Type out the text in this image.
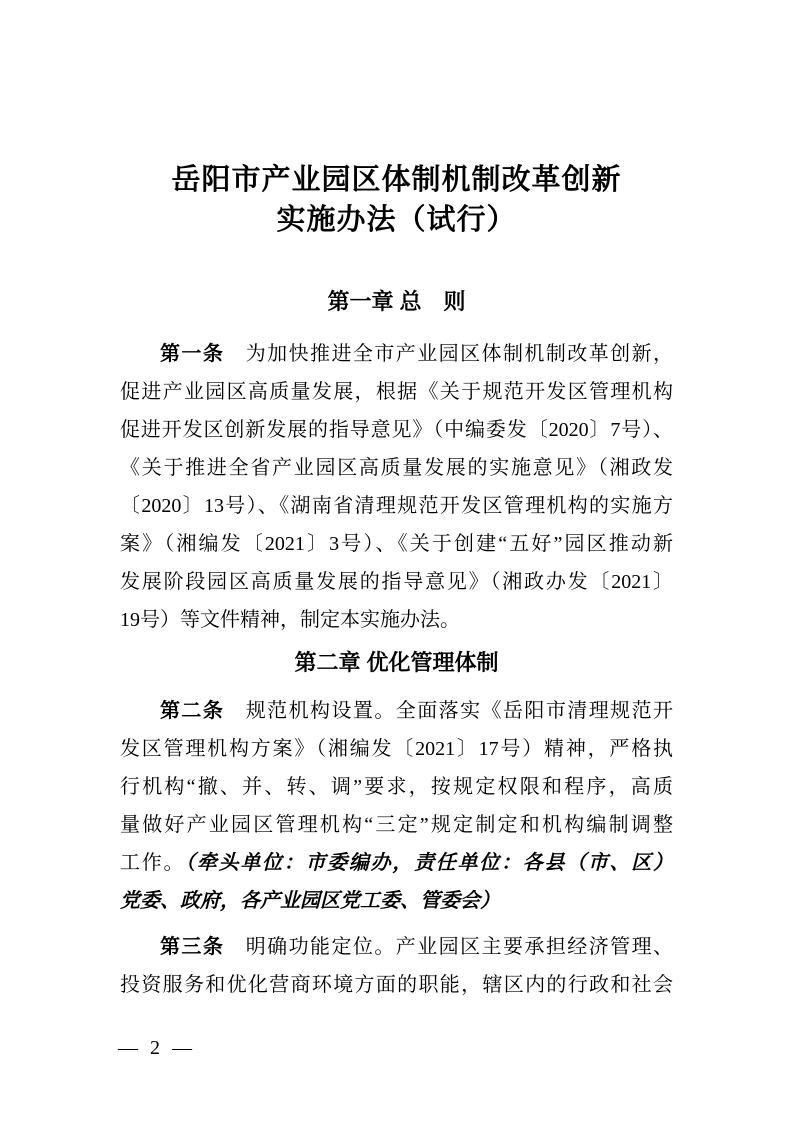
岳阳市产业园区体制机制改革创新
实施办法（试行）
第一章 总　则
第一条　为加快推进全市产业园区体制机制改革创新，
促进产业园区高质量发展，根据《关于规范开发区管理机构
促进开发区创新发展的指导意见》（中编委发〔2020〕7号）、
《关于推进全省产业园区高质量发展的实施意见》（湘政发
〔2020〕13号）、《湖南省清理规范开发区管理机构的实施方
案》（湘编发〔2021〕3号）、《关于创建“五好”园区推动新
发展阶段园区高质量发展的指导意见》（湘政办发〔2021〕
19号）等文件精神，制定本实施办法。
第二章 优化管理体制
第二条　规范机构设置。全面落实《岳阳市清理规范开
发区管理机构方案》（湘编发〔2021〕17号）精神，严格执
行机构“撤、并、转、调”要求，按规定权限和程序，高质
量做好产业园区管理机构“三定”规定制定和机构编制调整
工作。（牵头单位：市委编办，责任单位：各县（市、区）
党委、政府，各产业园区党工委、管委会）
第三条　明确功能定位。产业园区主要承担经济管理、
投资服务和优化营商环境方面的职能，辖区内的行政和社会
— 2 —
